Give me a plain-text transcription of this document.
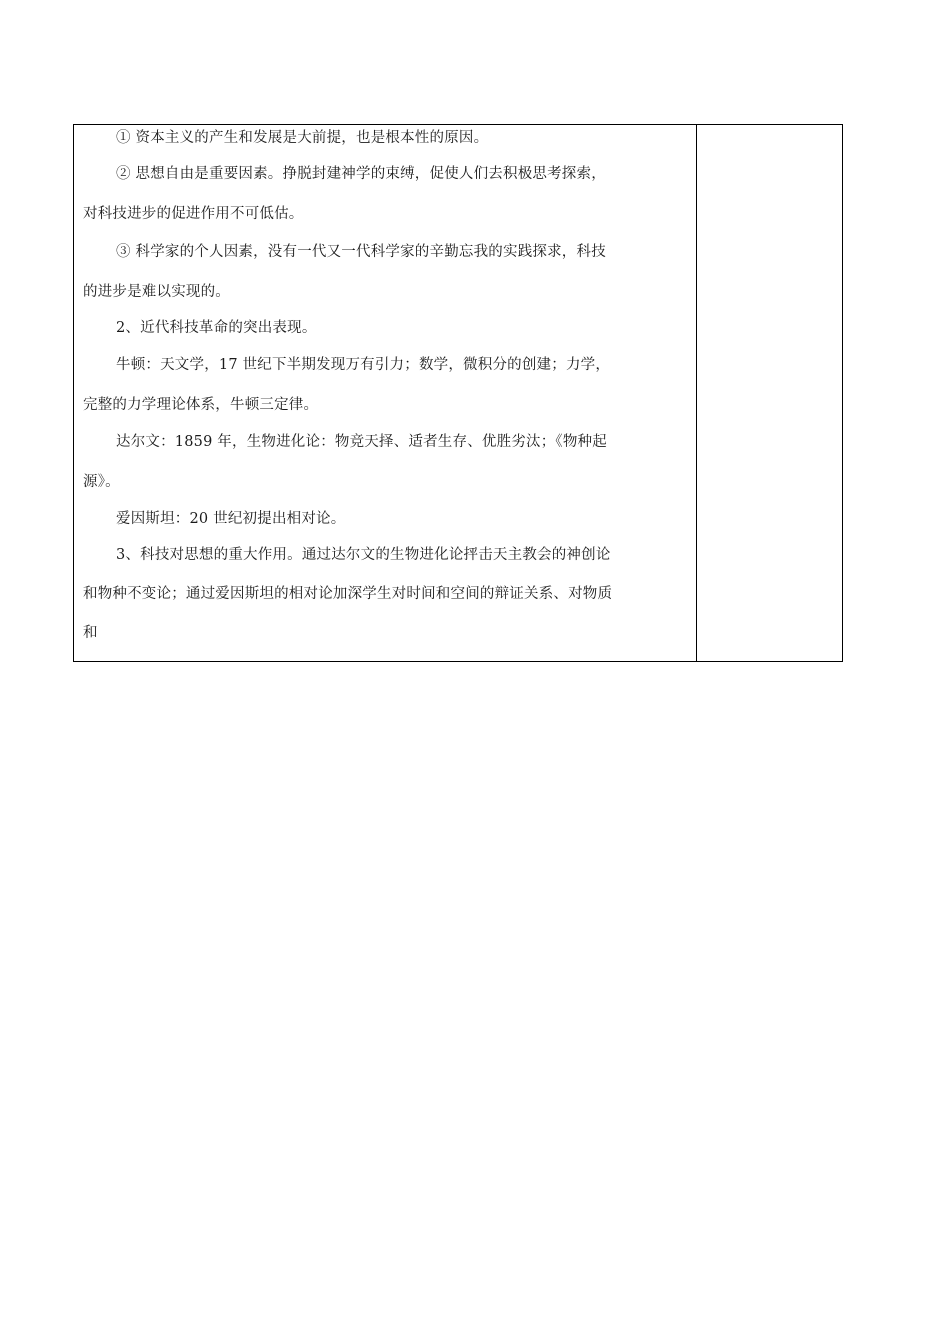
① 资本主义的产生和发展是大前提，也是根本性的原因。
② 思想自由是重要因素。挣脱封建神学的束缚，促使人们去积极思考探索，
对科技进步的促进作用不可低估。
③ 科学家的个人因素，没有一代又一代科学家的辛勤忘我的实践探求，科技
的进步是难以实现的。
2、近代科技革命的突出表现。
牛顿：天文学，17 世纪下半期发现万有引力；数学，微积分的创建；力学，
完整的力学理论体系，牛顿三定律。
达尔文：1859 年，生物进化论：物竞天择、适者生存、优胜劣汰；《物种起
源》。
爱因斯坦：20 世纪初提出相对论。
3、科技对思想的重大作用。通过达尔文的生物进化论抨击天主教会的神创论
和物种不变论；通过爱因斯坦的相对论加深学生对时间和空间的辩证关系、对物质
和
